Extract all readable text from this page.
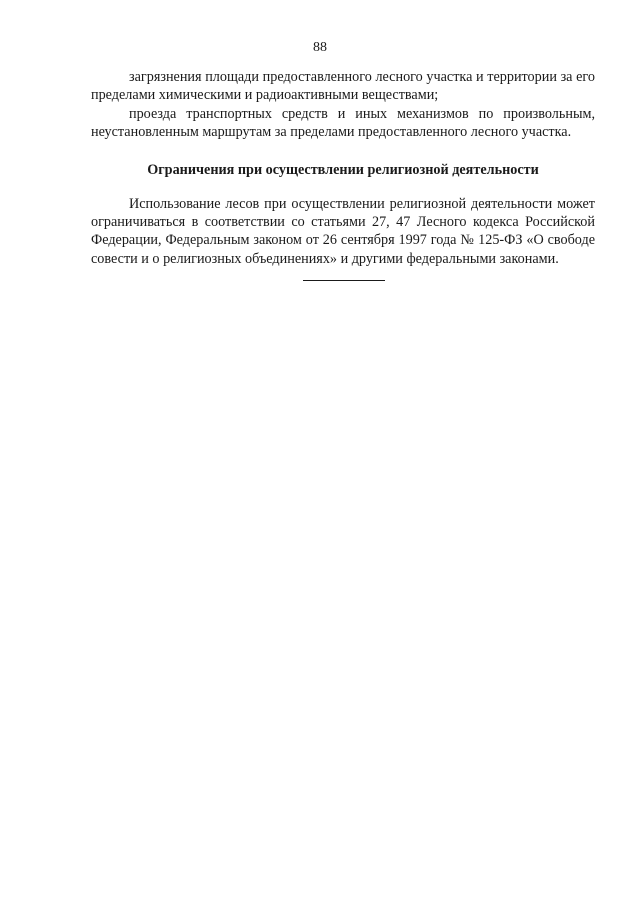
88

загрязнения площади предоставленного лесного участка и территории за его пределами химическими и радиоактивными веществами;

проезда транспортных средств и иных механизмов по произвольным, неустановленным маршрутам за пределами предоставленного лесного участка.

Ограничения при осуществлении религиозной деятельности

Использование лесов при осуществлении религиозной деятельности может ограничиваться в соответствии со статьями 27, 47 Лесного кодекса Российской Федерации, Федеральным законом от 26 сентября 1997 года № 125-ФЗ «О свободе совести и о религиозных объединениях» и другими федеральными законами.
